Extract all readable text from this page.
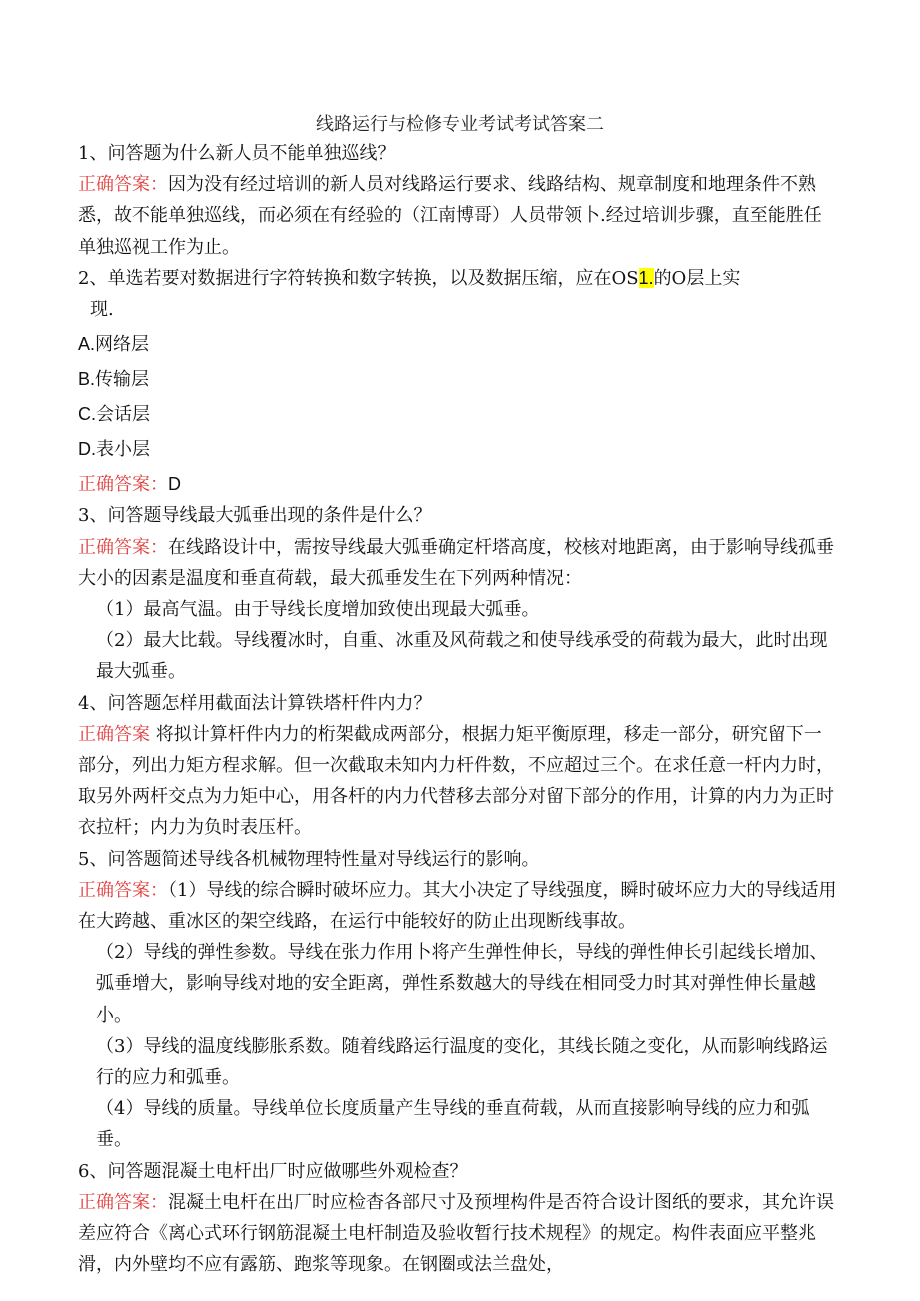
线路运行与检修专业考试考试答案二

1、问答题为什么新人员不能单独巡线？

正确答案：因为没有经过培训的新人员对线路运行要求、线路结构、规章制度和地理条件不熟悉，故不能单独巡线，而必须在有经验的（江南博哥）人员带领卜.经过培训步骤，直至能胜任单独巡视工作为止。

2、单选若要对数据进行字符转换和数字转换，以及数据压缩，应在OS1.的O层上实

现.

A.网络层

B.传输层

C.会话层

D.表小层

正确答案：D

3、问答题导线最大弧垂出现的条件是什么？

正确答案：在线路设计中，需按导线最大弧垂确定杆塔高度，校核对地距离，由于影响导线孤垂大小的因素是温度和垂直荷载，最大孤垂发生在下列两种情况：

（1）最高气温。由于导线长度增加致使出现最大弧垂。

（2）最大比载。导线覆冰时，自重、冰重及风荷载之和使导线承受的荷载为最大，此时出现最大弧垂。

4、问答题怎样用截面法计算铁塔杆件内力？

正确答案 将拟计算杆件内力的桁架截成两部分，根据力矩平衡原理，移走一部分，研究留下一部分，列出力矩方程求解。但一次截取未知内力杆件数，不应超过三个。在求任意一杆内力时，取另外两杆交点为力矩中心，用各杆的内力代替移去部分对留下部分的作用，计算的内力为正时衣拉杆；内力为负时表压杆。

5、问答题简述导线各机械物理特性量对导线运行的影响。

正确答案：（1）导线的综合瞬时破坏应力。其大小决定了导线强度，瞬时破坏应力大的导线适用在大跨越、重冰区的架空线路，在运行中能较好的防止出现断线事故。

（2）导线的弹性参数。导线在张力作用卜将产生弹性伸长，导线的弹性伸长引起线长增加、弧垂增大，影响导线对地的安全距离，弹性系数越大的导线在相同受力时其对弹性伸长量越小。

（3）导线的温度线膨胀系数。随着线路运行温度的变化，其线长随之变化，从而影响线路运行的应力和弧垂。

（4）导线的质量。导线单位长度质量产生导线的垂直荷载，从而直接影响导线的应力和弧垂。

6、问答题混凝土电杆出厂时应做哪些外观检查？

正确答案：混凝土电杆在出厂时应检杳各部尺寸及预埋构件是否符合设计图纸的要求，其允许误差应符合《离心式环行钢筋混凝土电杆制造及验收暂行技术规程》的规定。构件表面应平整兆滑，内外壁均不应有露筋、跑浆等现象。在钢圈或法兰盘处，
